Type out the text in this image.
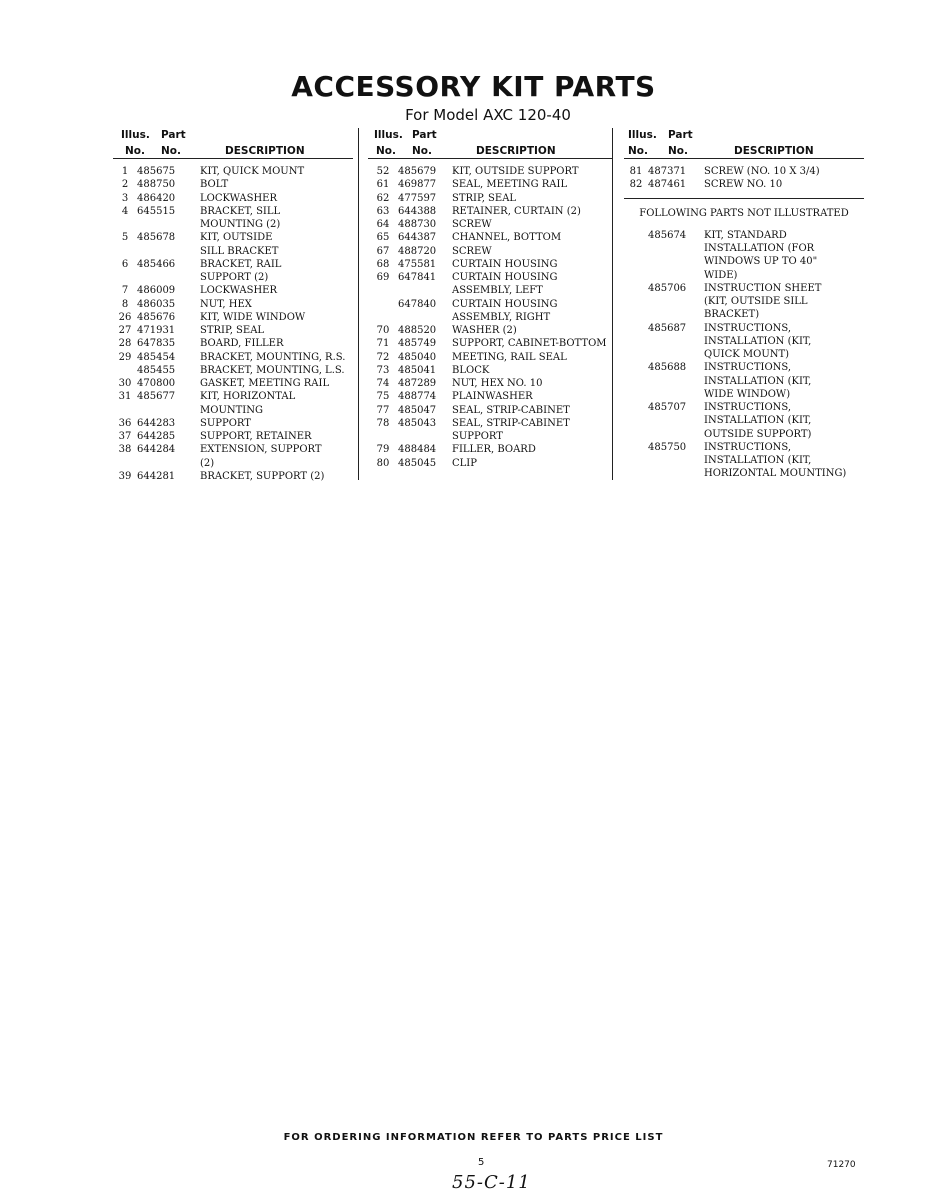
ACCESSORY KIT PARTS
For Model AXC 120-40
Illus. Part
No. No.	DESCRIPTION
1 485675	KIT, QUICK MOUNT
2 488750	BOLT
3 486420	LOCKWASHER
4 645515	BRACKET, SILL
MOUNTING (2)
5 485678	KIT, OUTSIDE
SILL BRACKET
6 485466	BRACKET, RAIL
SUPPORT (2)
7 486009	LOCKWASHER
8 486035	NUT, HEX
26 485676	KIT, WIDE WINDOW
27 471931	STRIP, SEAL
28 647835	BOARD, FILLER
29 485454	BRACKET, MOUNTING, R.S.
485455	BRACKET, MOUNTING, L.S.
30 470800	GASKET, MEETING RAIL
31 485677	KIT, HORIZONTAL
MOUNTING
36 644283	SUPPORT
37 644285	SUPPORT, RETAINER
38 644284	EXTENSION, SUPPORT
(2)
39 644281	BRACKET, SUPPORT (2)
Illus. Part
No. No.	DESCRIPTION
52 485679	KIT, OUTSIDE SUPPORT
61 469877	SEAL, MEETING RAIL
62 477597	STRIP, SEAL
63 644388	RETAINER, CURTAIN (2)
64 488730	SCREW
65 644387	CHANNEL, BOTTOM
67 488720	SCREW
68 475581	CURTAIN HOUSING
69 647841	CURTAIN HOUSING
ASSEMBLY, LEFT
647840	CURTAIN HOUSING
ASSEMBLY, RIGHT
70 488520	WASHER (2)
71 485749	SUPPORT, CABINET-BOTTOM
72 485040	MEETING, RAIL SEAL
73 485041	BLOCK
74 487289	NUT, HEX NO. 10
75 488774	PLAINWASHER
77 485047	SEAL, STRIP-CABINET
78 485043	SEAL, STRIP-CABINET
SUPPORT
79 488484	FILLER, BOARD
80 485045	CLIP
Illus. Part
No. No.	DESCRIPTION
81 487371	SCREW (NO. 10 X 3/4)
82 487461	SCREW NO. 10
FOLLOWING PARTS NOT ILLUSTRATED
485674	KIT, STANDARD
INSTALLATION (FOR
WINDOWS UP TO 40"
WIDE)
485706	INSTRUCTION SHEET
(KIT, OUTSIDE SILL
BRACKET)
485687	INSTRUCTIONS,
INSTALLATION (KIT,
QUICK MOUNT)
485688	INSTRUCTIONS,
INSTALLATION (KIT,
WIDE WINDOW)
485707	INSTRUCTIONS,
INSTALLATION (KIT,
OUTSIDE SUPPORT)
485750	INSTRUCTIONS,
INSTALLATION (KIT,
HORIZONTAL MOUNTING)
FOR ORDERING INFORMATION REFER TO PARTS PRICE LIST
5
55-C-11
71270
